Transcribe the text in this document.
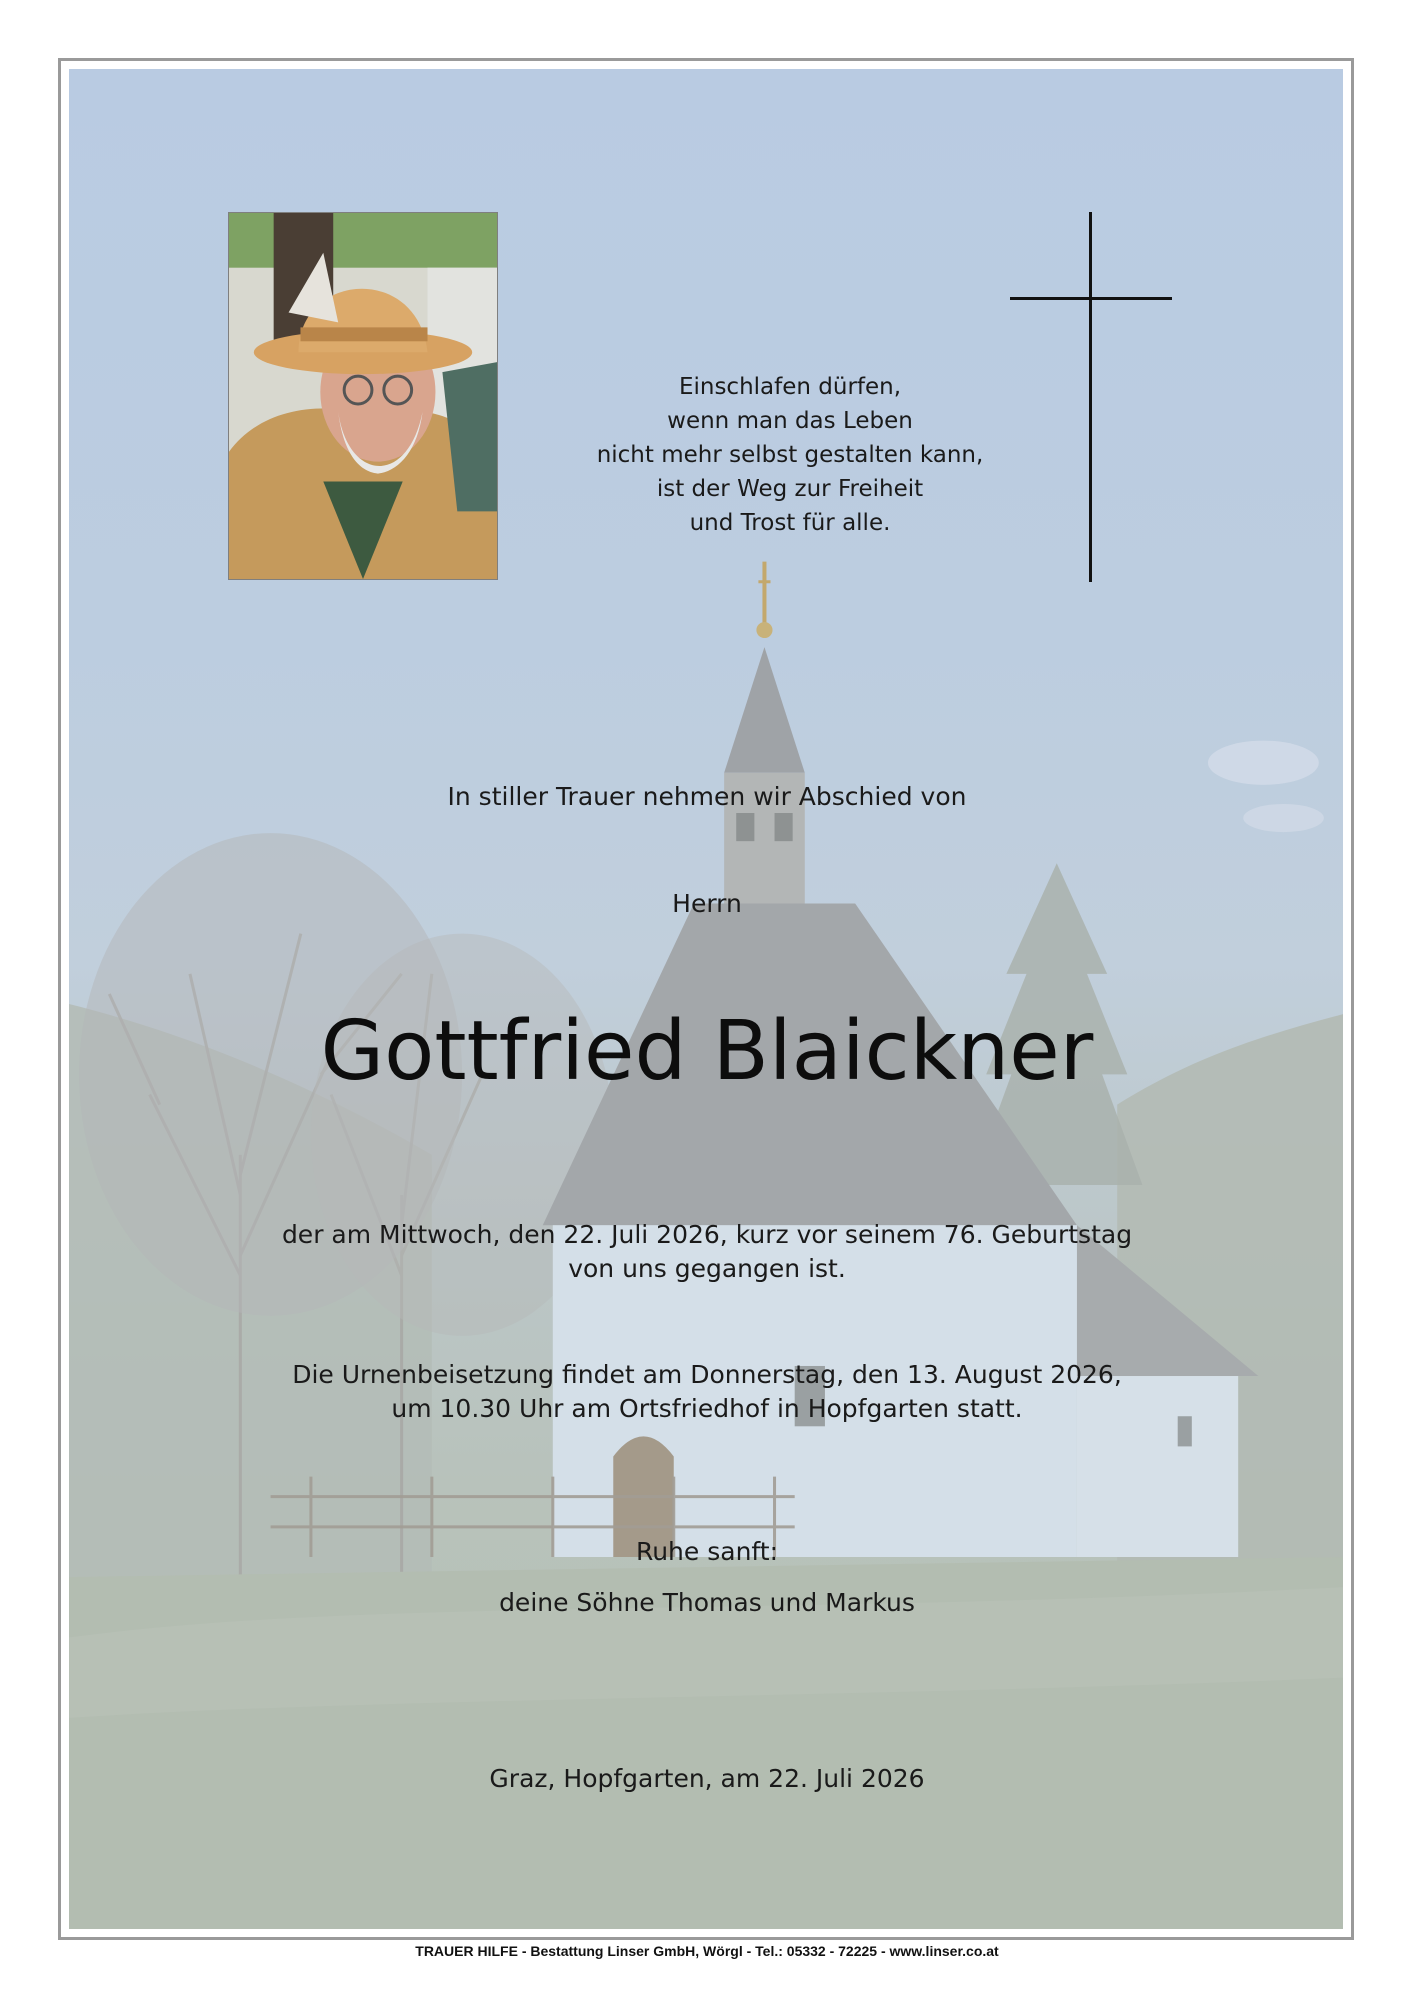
Einschlafen dürfen,
wenn man das Leben
nicht mehr selbst gestalten kann,
ist der Weg zur Freiheit
und Trost für alle.

In stiller Trauer nehmen wir Abschied von

Herrn

Gottfried Blaickner

der am Mittwoch, den 22. Juli 2026, kurz vor seinem 76. Geburtstag

von uns gegangen ist.

Die Urnenbeisetzung findet am Donnerstag, den 13. August 2026,

um 10.30 Uhr am Ortsfriedhof in Hopfgarten statt.

Ruhe sanft:

deine Söhne Thomas und Markus

Graz, Hopfgarten, am 22. Juli 2026

TRAUER HILFE - Bestattung Linser GmbH, Wörgl - Tel.: 05332 - 72225 - www.linser.co.at
